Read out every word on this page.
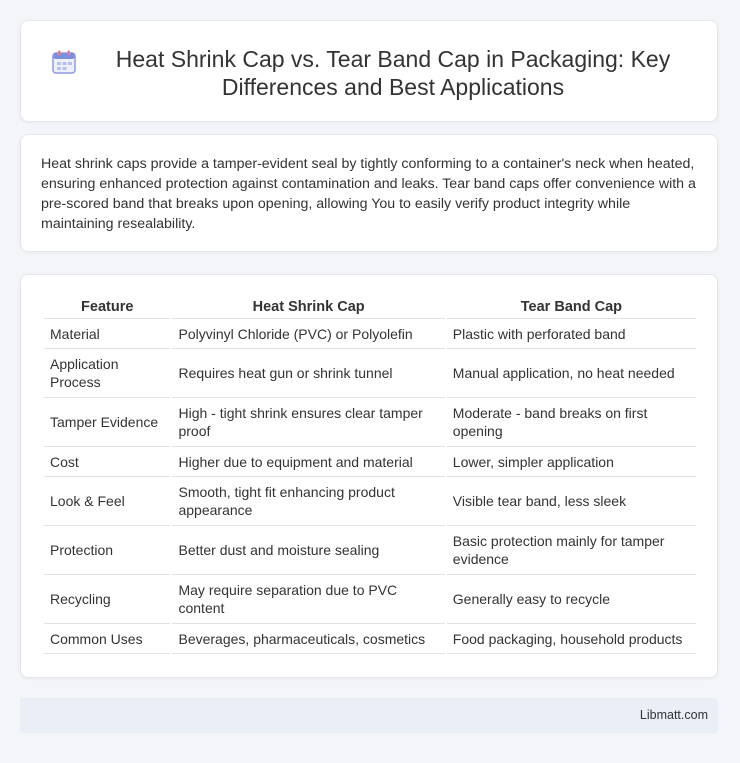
Heat Shrink Cap vs. Tear Band Cap in Packaging: Key Differences and Best Applications

Heat shrink caps provide a tamper-evident seal by tightly conforming to a container's neck when heated, ensuring enhanced protection against contamination and leaks. Tear band caps offer convenience with a pre-scored band that breaks upon opening, allowing You to easily verify product integrity while maintaining resealability.

Feature	Heat Shrink Cap	Tear Band Cap
Material	Polyvinyl Chloride (PVC) or Polyolefin	Plastic with perforated band
Application Process	Requires heat gun or shrink tunnel	Manual application, no heat needed
Tamper Evidence	High - tight shrink ensures clear tamper proof	Moderate - band breaks on first opening
Cost	Higher due to equipment and material	Lower, simpler application
Look & Feel	Smooth, tight fit enhancing product appearance	Visible tear band, less sleek
Protection	Better dust and moisture sealing	Basic protection mainly for tamper evidence
Recycling	May require separation due to PVC content	Generally easy to recycle
Common Uses	Beverages, pharmaceuticals, cosmetics	Food packaging, household products
Libmatt.com
